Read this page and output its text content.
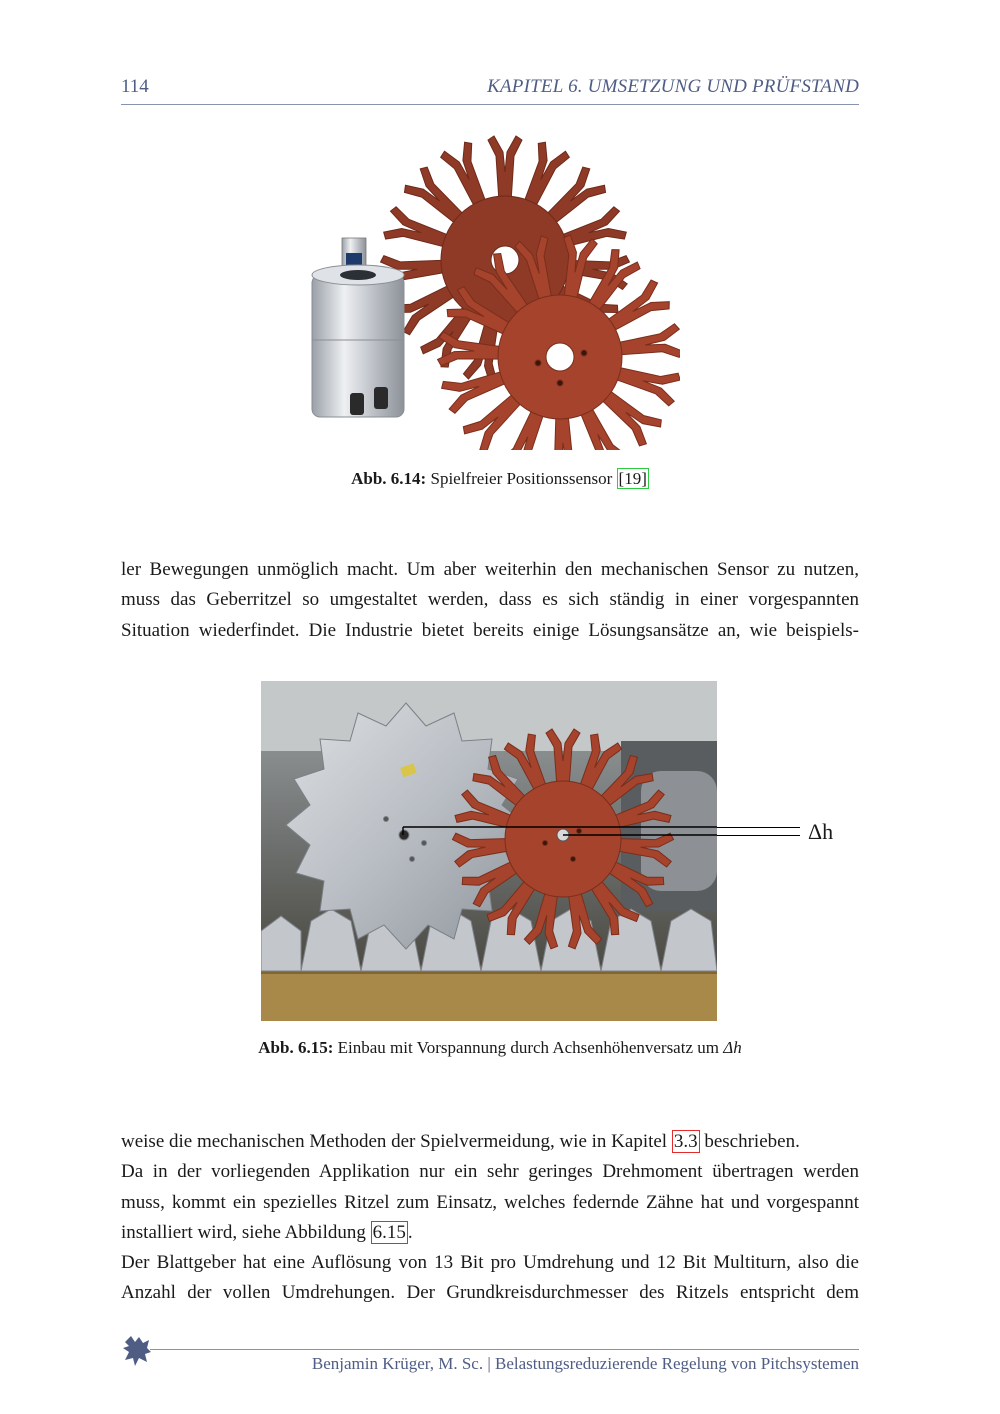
114	KAPITEL 6. UMSETZUNG UND PRÜFSTAND
Abb. 6.14: Spielfreier Positionssensor [19]
ler Bewegungen unmöglich macht. Um aber weiterhin den mechanischen Sensor zu nutzen,
muss das Geberritzel so umgestaltet werden, dass es sich ständig in einer vorgespannten
Situation wiederfindet. Die Industrie bietet bereits einige Lösungsansätze an, wie beispiels-
Δh
Abb. 6.15: Einbau mit Vorspannung durch Achsenhöhenversatz um Δh
weise die mechanischen Methoden der Spielvermeidung, wie in Kapitel 3.3 beschrieben.
Da in der vorliegenden Applikation nur ein sehr geringes Drehmoment übertragen werden
muss, kommt ein spezielles Ritzel zum Einsatz, welches federnde Zähne hat und vorgespannt
installiert wird, siehe Abbildung 6.15 .
Der Blattgeber hat eine Auflösung von 13 Bit pro Umdrehung und 12 Bit Multiturn, also die
Anzahl der vollen Umdrehungen. Der Grundkreisdurchmesser des Ritzels entspricht dem
Benjamin Krüger, M. Sc. | Belastungsreduzierende Regelung von Pitchsystemen
